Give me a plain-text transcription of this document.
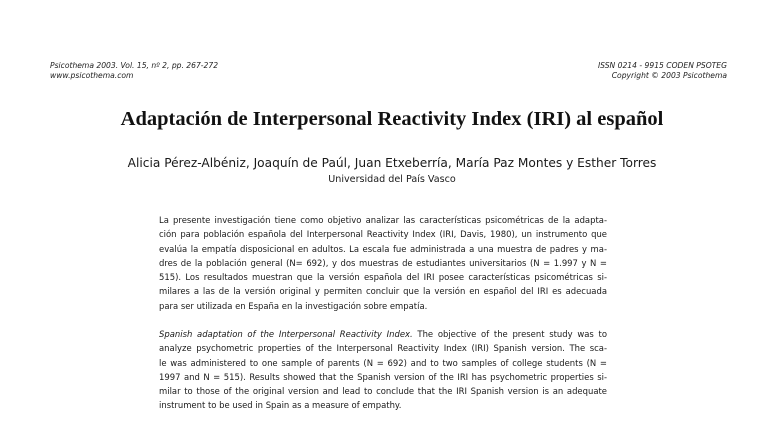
Psicothema 2003. Vol. 15, nº 2, pp. 267-272
www.psicothema.com
ISSN 0214 - 9915 CODEN PSOTEG
Copyright © 2003 Psicothema
Adaptación de Interpersonal Reactivity Index (IRI) al español
Alicia Pérez-Albéniz, Joaquín de Paúl, Juan Etxeberría, María Paz Montes y Esther Torres
Universidad del País Vasco
La presente investigación tiene como objetivo analizar las características psicométricas de la adapta-
ción para población española del Interpersonal Reactivity Index (IRI, Davis, 1980), un instrumento que
evalúa la empatía disposicional en adultos. La escala fue administrada a una muestra de padres y ma-
dres de la población general (N= 692), y dos muestras de estudiantes universitarios (N = 1.997 y N =
515). Los resultados muestran que la versión española del IRI posee características psicométricas si-
milares a las de la versión original y permiten concluir que la versión en español del IRI es adecuada
para ser utilizada en España en la investigación sobre empatía.
Spanish adaptation of the Interpersonal Reactivity Index. The objective of the present study was to
analyze psychometric properties of the Interpersonal Reactivity Index (IRI) Spanish version. The sca-
le was administered to one sample of parents (N = 692) and to two samples of college students (N =
1997 and N = 515). Results showed that the Spanish version of the IRI has psychometric properties si-
milar to those of the original version and lead to conclude that the IRI Spanish version is an adequate
instrument to be used in Spain as a measure of empathy.
